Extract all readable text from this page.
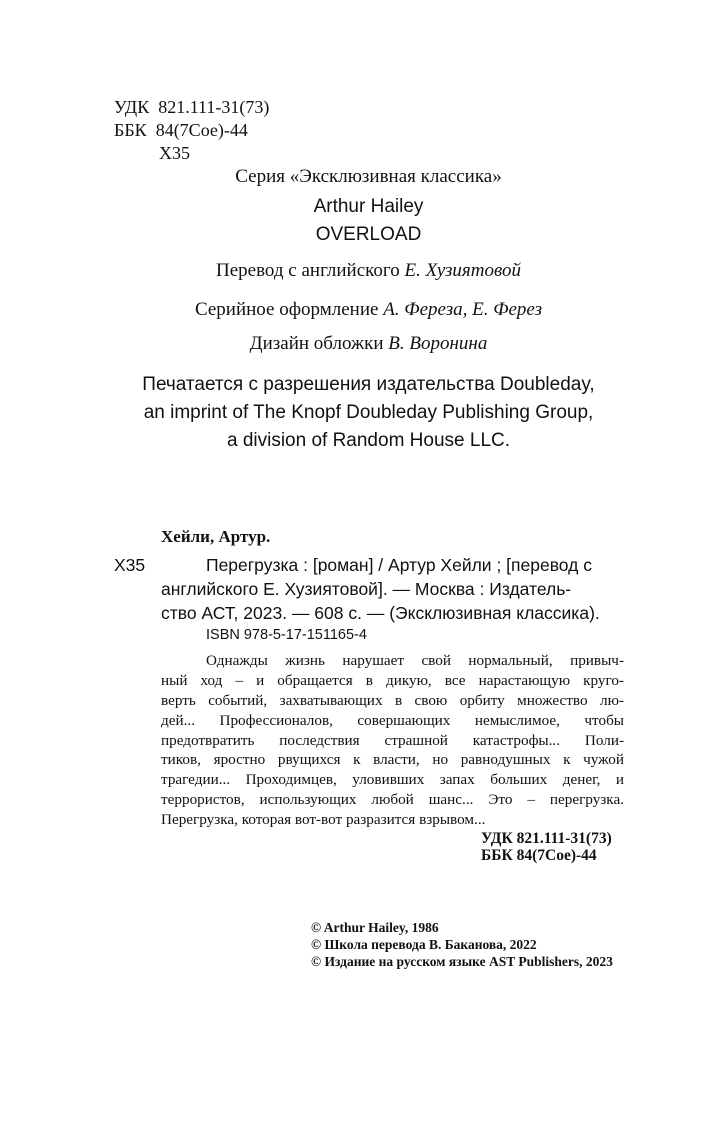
УДК 821.111-31(73)
ББК 84(7Сое)-44
Х35
Серия «Эксклюзивная классика»
Arthur Hailey
OVERLOAD
Перевод с английского Е. Хузиятовой
Серийное оформление А. Фереза, Е. Ферез
Дизайн обложки В. Воронина
Печатается с разрешения издательства Doubleday,
an imprint of The Knopf Doubleday Publishing Group,
a division of Random House LLC.
Хейли, Артур.
Х35	Перегрузка : [роман] / Артур Хейли ; [перевод с
английского Е. Хузиятовой]. — Москва : Издатель-
ство АСТ, 2023. — 608 с. — (Эксклюзивная классика).
ISBN 978-5-17-151165-4
Однажды жизнь нарушает свой нормальный, привыч-
ный ход – и обращается в дикую, все нарастающую круго-
верть событий, захватывающих в свою орбиту множество лю-
дей... Профессионалов, совершающих немыслимое, чтобы
предотвратить последствия страшной катастрофы... Поли-
тиков, яростно рвущихся к власти, но равнодушных к чужой
трагедии... Проходимцев, уловивших запах больших денег, и
террористов, использующих любой шанс... Это – перегрузка.
Перегрузка, которая вот-вот разразится взрывом...
УДК 821.111-31(73)
ББК 84(7Сое)-44
© Arthur Hailey, 1986
© Школа перевода В. Баканова, 2022
© Издание на русском языке AST Publishers, 2023
